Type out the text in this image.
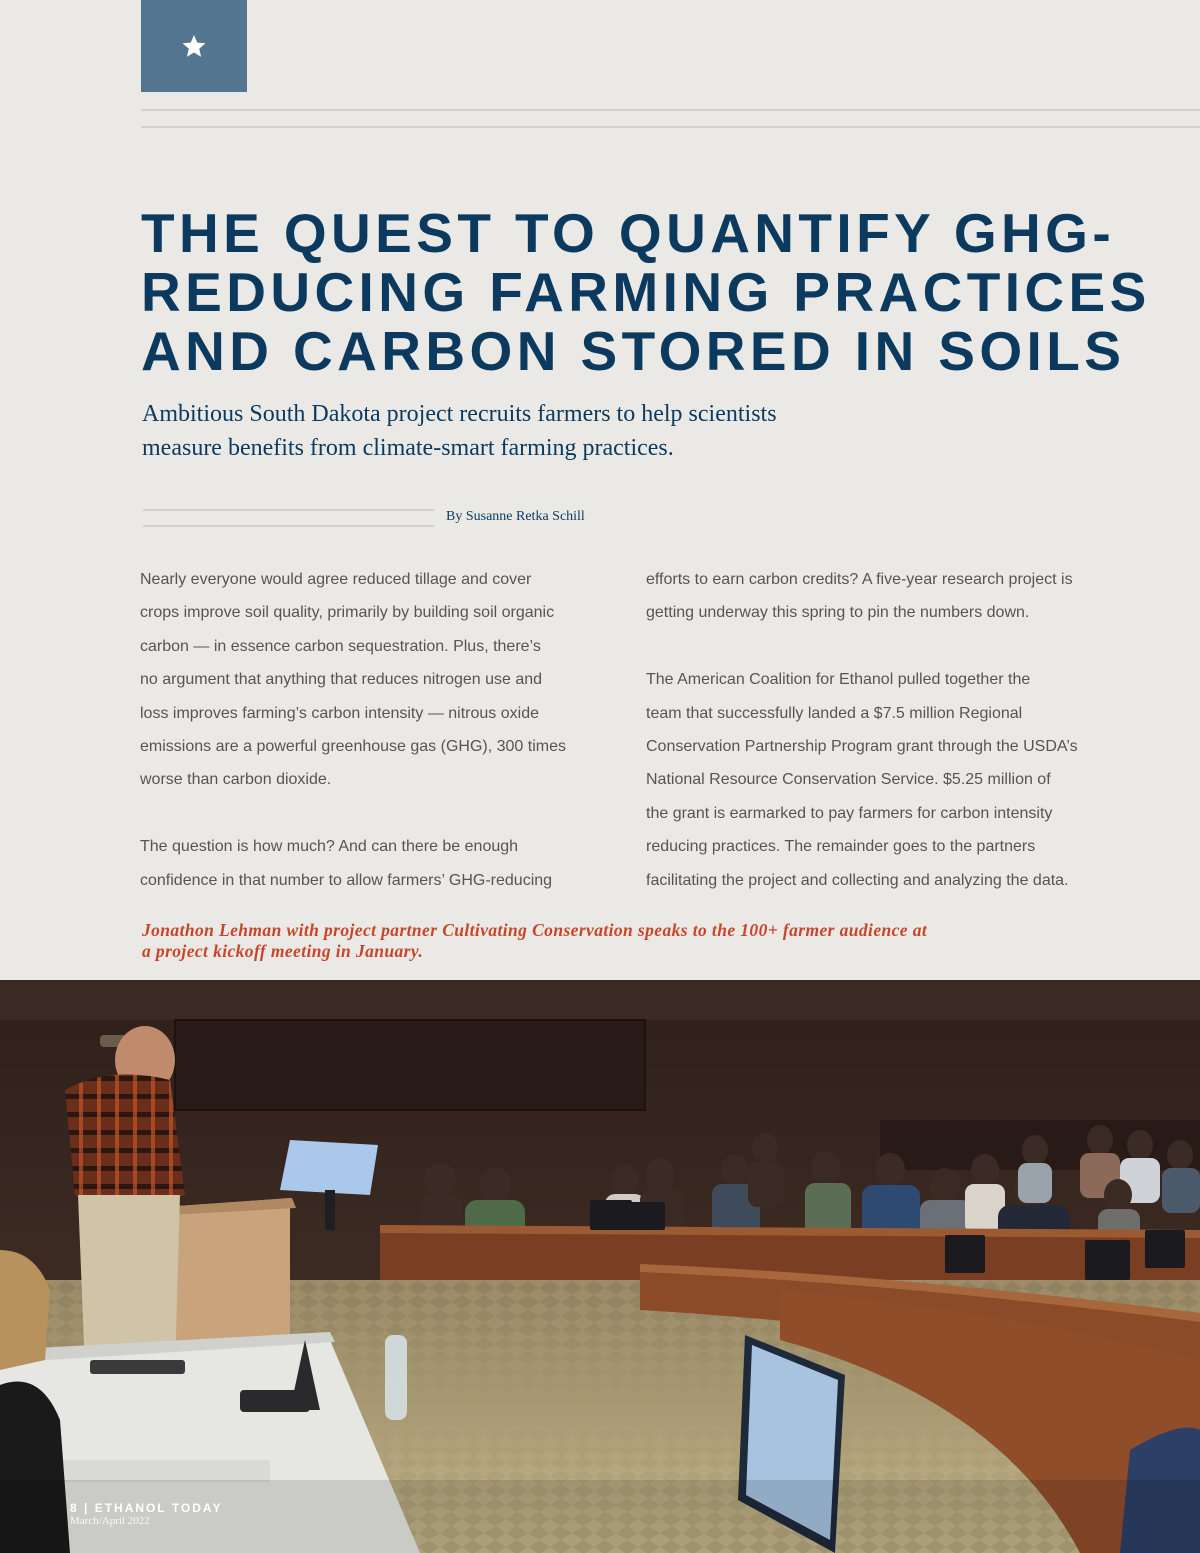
THE QUEST TO QUANTIFY GHG-
REDUCING FARMING PRACTICES
AND CARBON STORED IN SOILS

Ambitious South Dakota project recruits farmers to help scientists
measure benefits from climate-smart farming practices.

By Susanne Retka Schill
Nearly everyone would agree reduced tillage and cover
crops improve soil quality, primarily by building soil organic
carbon — in essence carbon sequestration. Plus, there’s
no argument that anything that reduces nitrogen use and
loss improves farming’s carbon intensity — nitrous oxide
emissions are a powerful greenhouse gas (GHG), 300 times
worse than carbon dioxide.
The question is how much? And can there be enough
confidence in that number to allow farmers’ GHG-reducing
efforts to earn carbon credits? A five-year research project is
getting underway this spring to pin the numbers down.
The American Coalition for Ethanol pulled together the
team that successfully landed a $7.5 million Regional
Conservation Partnership Program grant through the USDA’s
National Resource Conservation Service. $5.25 million of
the grant is earmarked to pay farmers for carbon intensity
reducing practices. The remainder goes to the partners
facilitating the project and collecting and analyzing the data.

Jonathon Lehman with project partner Cultivating Conservation speaks to the 100+ farmer audience at
a project kickoff meeting in January.

8 | ETHANOL TODAY
March/April 2022
